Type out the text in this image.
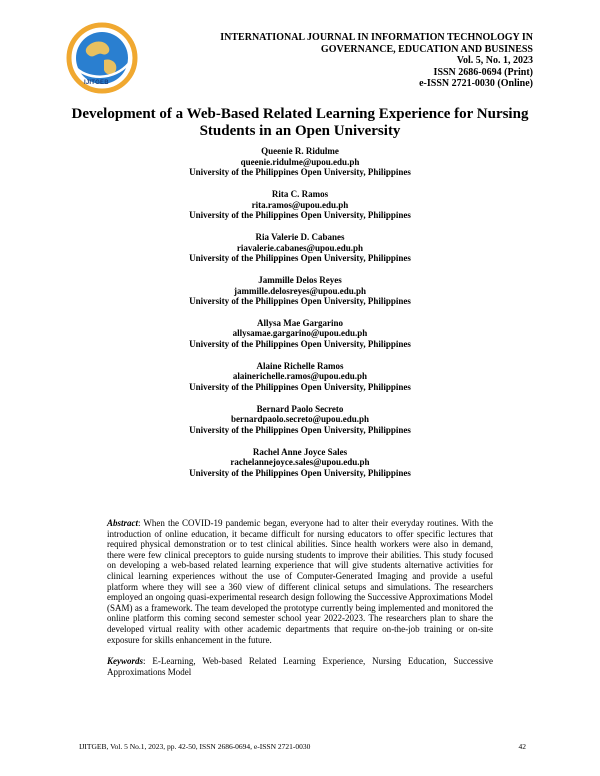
IJITGEB
INTERNATIONAL JOURNAL IN INFORMATION TECHNOLOGY IN
GOVERNANCE, EDUCATION AND BUSINESS
Vol. 5, No. 1, 2023
ISSN 2686-0694 (Print)
e-ISSN 2721-0030 (Online)
Development of a Web-Based Related Learning Experience for Nursing Students in an Open University
Queenie R. Ridulme
queenie.ridulme@upou.edu.ph
University of the Philippines Open University, Philippines
Rita C. Ramos
rita.ramos@upou.edu.ph
University of the Philippines Open University, Philippines
Ria Valerie D. Cabanes
riavalerie.cabanes@upou.edu.ph
University of the Philippines Open University, Philippines
Jammille Delos Reyes
jammille.delosreyes@upou.edu.ph
University of the Philippines Open University, Philippines
Allysa Mae Gargarino
allysamae.gargarino@upou.edu.ph
University of the Philippines Open University, Philippines
Alaine Richelle Ramos
alainerichelle.ramos@upou.edu.ph
University of the Philippines Open University, Philippines
Bernard Paolo Secreto
bernardpaolo.secreto@upou.edu.ph
University of the Philippines Open University, Philippines
Rachel Anne Joyce Sales
rachelannejoyce.sales@upou.edu.ph
University of the Philippines Open University, Philippines
Abstract: When the COVID-19 pandemic began, everyone had to alter their everyday routines. With the introduction of online education, it became difficult for nursing educators to offer specific lectures that required physical demonstration or to test clinical abilities. Since health workers were also in demand, there were few clinical preceptors to guide nursing students to improve their abilities. This study focused on developing a web-based related learning experience that will give students alternative activities for clinical learning experiences without the use of Computer-Generated Imaging and provide a useful platform where they will see a 360 view of different clinical setups and simulations. The researchers employed an ongoing quasi-experimental research design following the Successive Approximations Model (SAM) as a framework. The team developed the prototype currently being implemented and monitored the online platform this coming second semester school year 2022-2023. The researchers plan to share the developed virtual reality with other academic departments that require on-the-job training or on-site exposure for skills enhancement in the future.
Keywords: E-Learning, Web-based Related Learning Experience, Nursing Education, Successive Approximations Model
IJITGEB, Vol. 5 No.1, 2023, pp. 42-50, ISSN 2686-0694, e-ISSN 2721-0030	42
